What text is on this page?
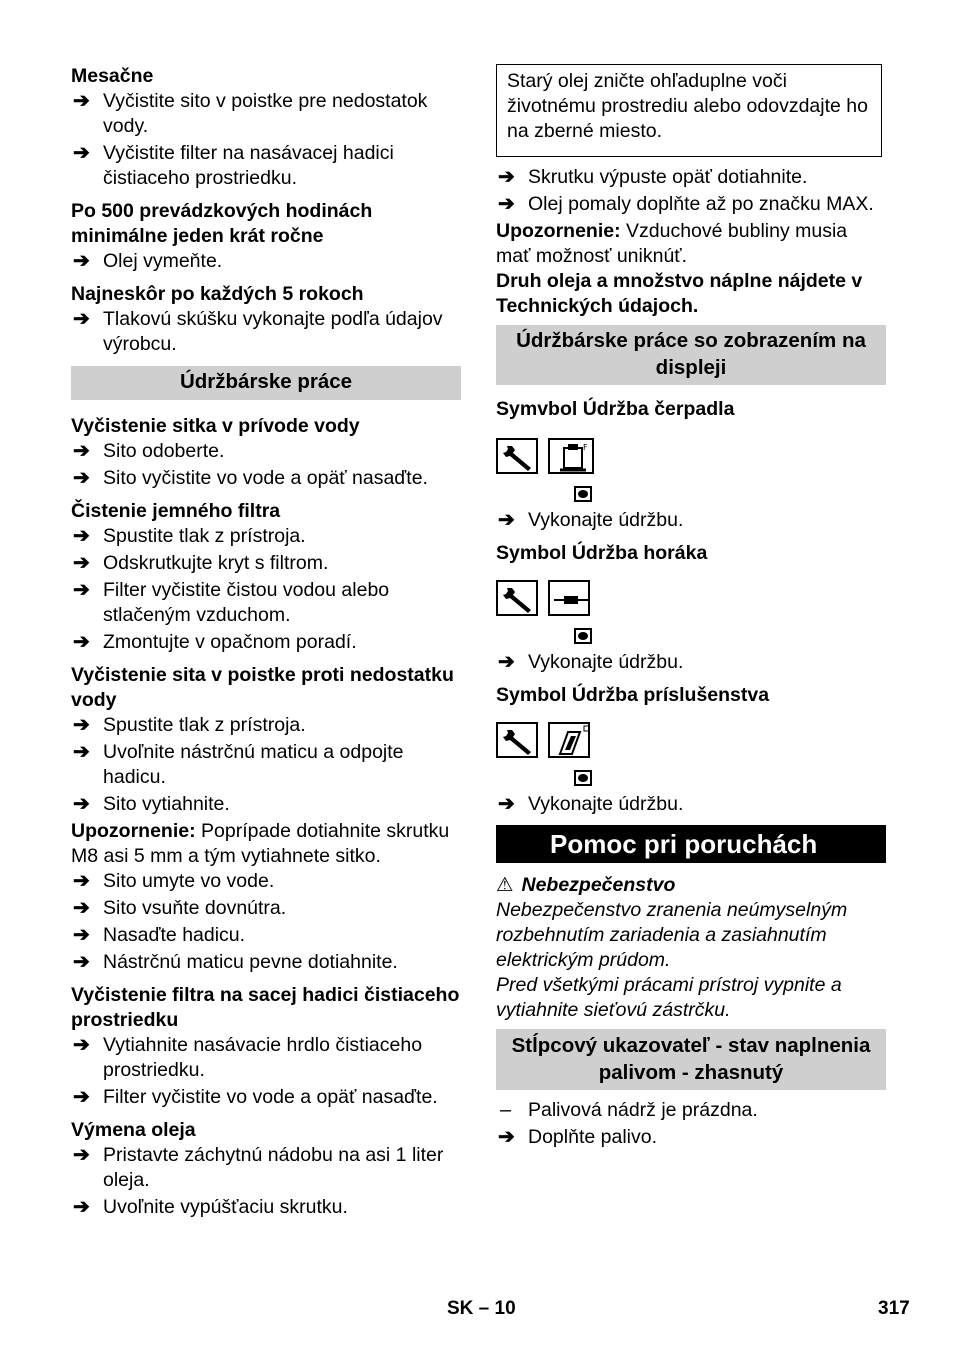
Mesačne

➔ Vyčistite sito v poistke pre nedostatok vody.
➔ Vyčistite filter na nasávacej hadici čistiaceho prostriedku.

Po 500 prevádzkových hodinách minimálne jeden krát ročne

➔ Olej vymeňte.

Najneskôr po každých 5 rokoch

➔ Tlakovú skúšku vykonajte podľa údajov výrobcu.
Údržbárske práce

Vyčistenie sitka v prívode vody

➔ Sito odoberte.
➔ Sito vyčistite vo vode a opäť nasaďte.

Čistenie jemného filtra

➔ Spustite tlak z prístroja.
➔ Odskrutkujte kryt s filtrom.
➔ Filter vyčistite čistou vodou alebo stlačeným vzduchom.
➔ Zmontujte v opačnom poradí.

Vyčistenie sita v poistke proti nedostatku vody

➔ Spustite tlak z prístroja.
➔ Uvoľnite nástrčnú maticu a odpojte hadicu.
➔ Sito vytiahnite.

Upozornenie: Poprípade dotiahnite skrutku M8 asi 5 mm a tým vytiahnete sitko.

➔ Sito umyte vo vode.
➔ Sito vsuňte dovnútra.
➔ Nasaďte hadicu.
➔ Nástrčnú maticu pevne dotiahnite.

Vyčistenie filtra na sacej hadici čistiaceho prostriedku

➔ Vytiahnite nasávacie hrdlo čistiaceho prostriedku.
➔ Filter vyčistite vo vode a opäť nasaďte.

Výmena oleja

➔ Pristavte záchytnú nádobu na asi 1 liter oleja.
➔ Uvoľnite vypúšťaciu skrutku.
Starý olej zničte ohľaduplne voči životnému prostrediu alebo odovzdajte ho na zberné miesto.
➔ Skrutku výpuste opäť dotiahnite.
➔ Olej pomaly doplňte až po značku MAX.

Upozornenie: Vzduchové bubliny musia mať možnosť uniknúť.

Druh oleja a množstvo náplne nájdete v Technických údajoch.

Údržbárske práce so zobrazením na displeji

Symvbol Údržba čerpadla

F
➔ Vykonajte údržbu.

Symbol Údržba horáka

➔ Vykonajte údržbu.

Symbol Údržba príslušenstva

➔ Vykonajte údržbu.
Pomoc pri poruchách

⚠ Nebezpečenstvo

Nebezpečenstvo zranenia neúmyselným rozbehnutím zariadenia a zasiahnutím elektrickým prúdom.

Pred všetkými prácami prístroj vypnite a vytiahnite sieťovú zástrčku.

Stĺpcový ukazovateľ - stav naplnenia palivom - zhasnutý
– Palivová nádrž je prázdna.
➔ Doplňte palivo.
SK – 10	317
